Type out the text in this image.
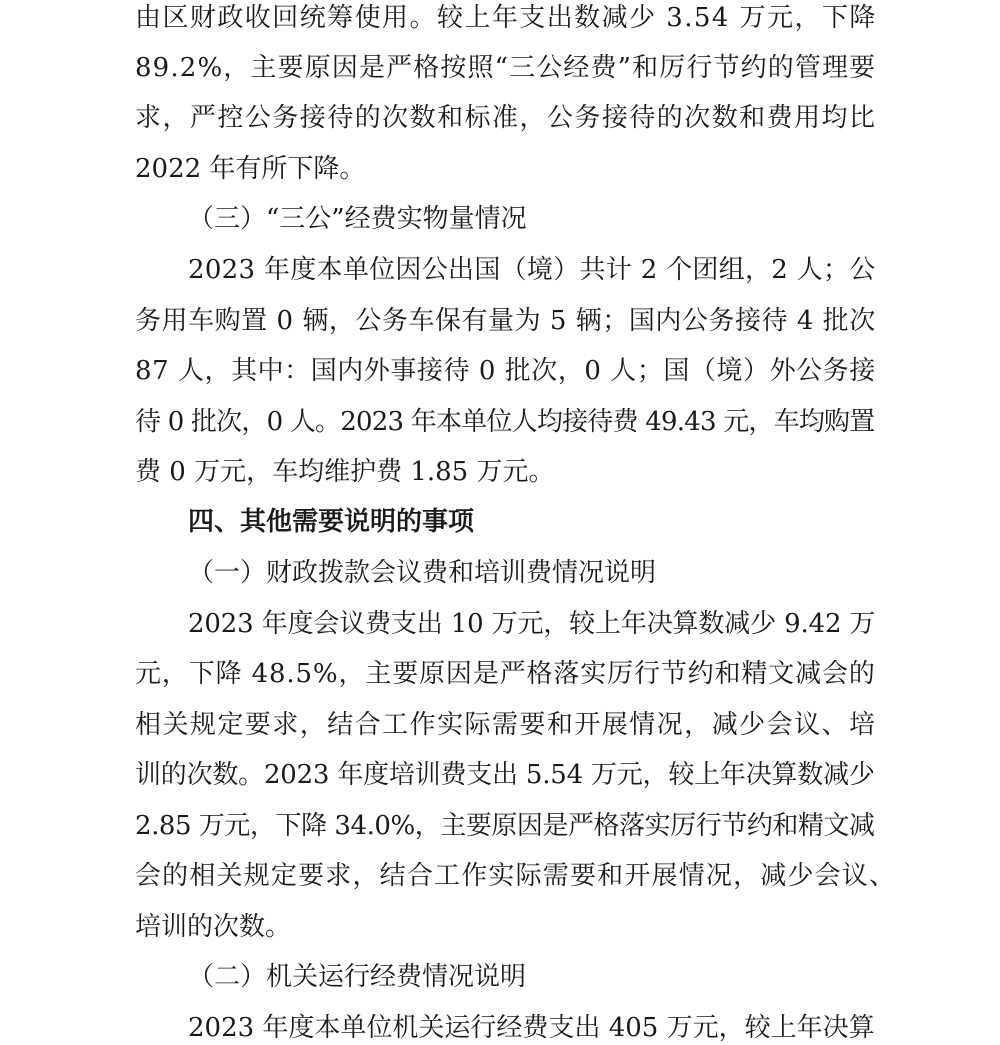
由区财政收回统筹使用。较上年支出数减少 3.54 万元，下降
89.2%，主要原因是严格按照“三公经费”和厉行节约的管理要
求，严控公务接待的次数和标准，公务接待的次数和费用均比
2022 年有所下降。
（三）“三公”经费实物量情况
2023 年度本单位因公出国（境）共计 2 个团组，2 人；公
务用车购置 0 辆，公务车保有量为 5 辆；国内公务接待 4 批次
87 人，其中：国内外事接待 0 批次，0 人；国（境）外公务接
待 0 批次，0 人。2023 年本单位人均接待费 49.43 元，车均购置
费 0 万元，车均维护费 1.85 万元。
四、其他需要说明的事项
（一）财政拨款会议费和培训费情况说明
2023 年度会议费支出 10 万元，较上年决算数减少 9.42 万
元，下降 48.5%，主要原因是严格落实厉行节约和精文减会的
相关规定要求，结合工作实际需要和开展情况，减少会议、培
训的次数。2023 年度培训费支出 5.54 万元，较上年决算数减少
2.85 万元，下降 34.0%，主要原因是严格落实厉行节约和精文减
会的相关规定要求，结合工作实际需要和开展情况，减少会议、
培训的次数。
（二）机关运行经费情况说明
2023 年度本单位机关运行经费支出 405 万元，较上年决算
